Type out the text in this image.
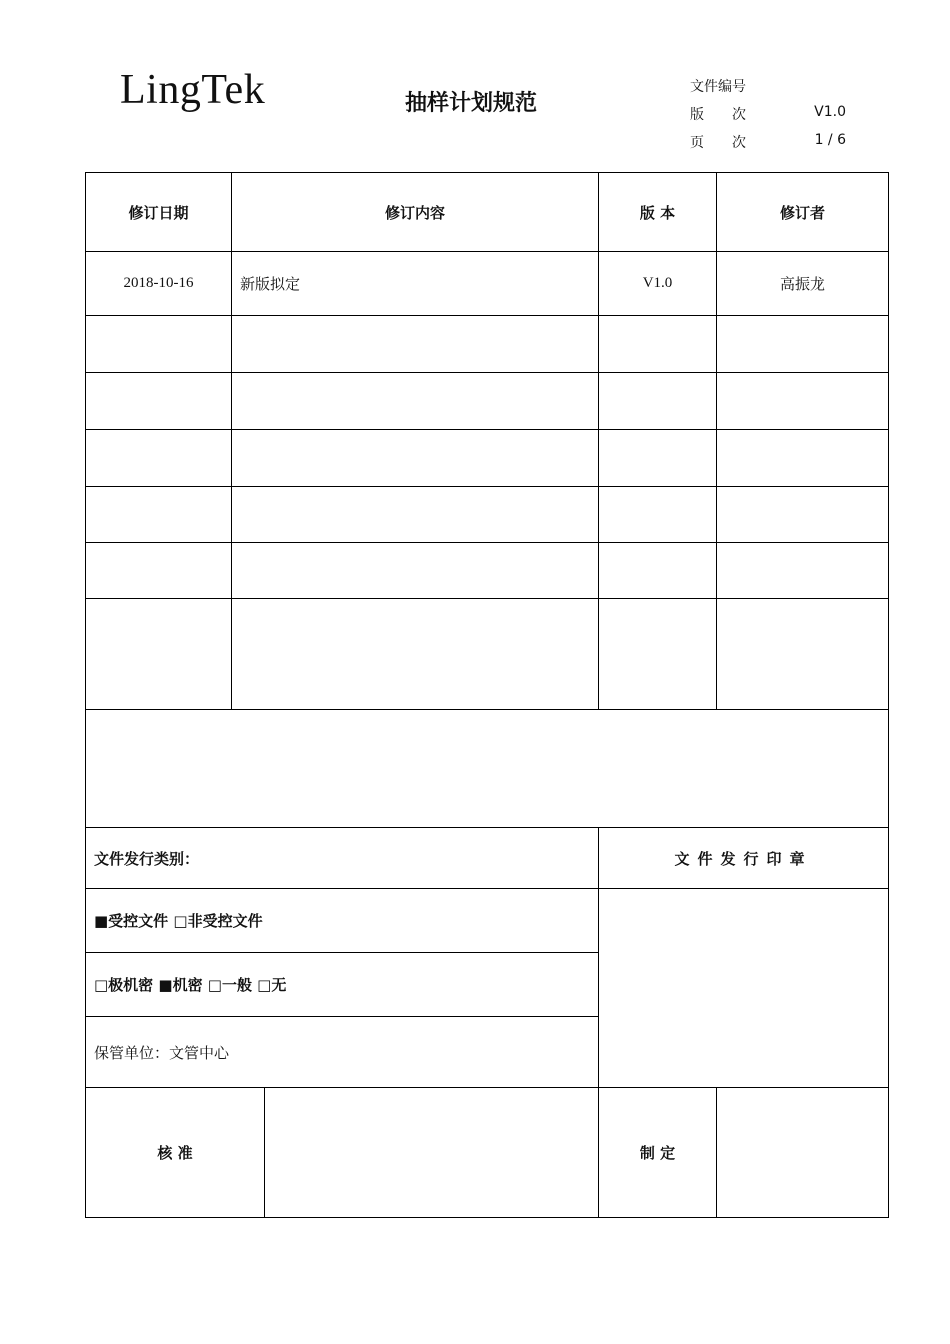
LingTek	抽样计划规范
文件编号
版　　次	V1.0
页　　次	1 / 6
修订日期	修订内容		版 本	修订者
2018-10-16	新版拟定		V1.0	高振龙

文件发行类别：			文件发行印章	
■受控文件 □非受控文件				
□极机密 ■机密 □一般 □无				
保管单位：文管中心				
核 准			制 定	
